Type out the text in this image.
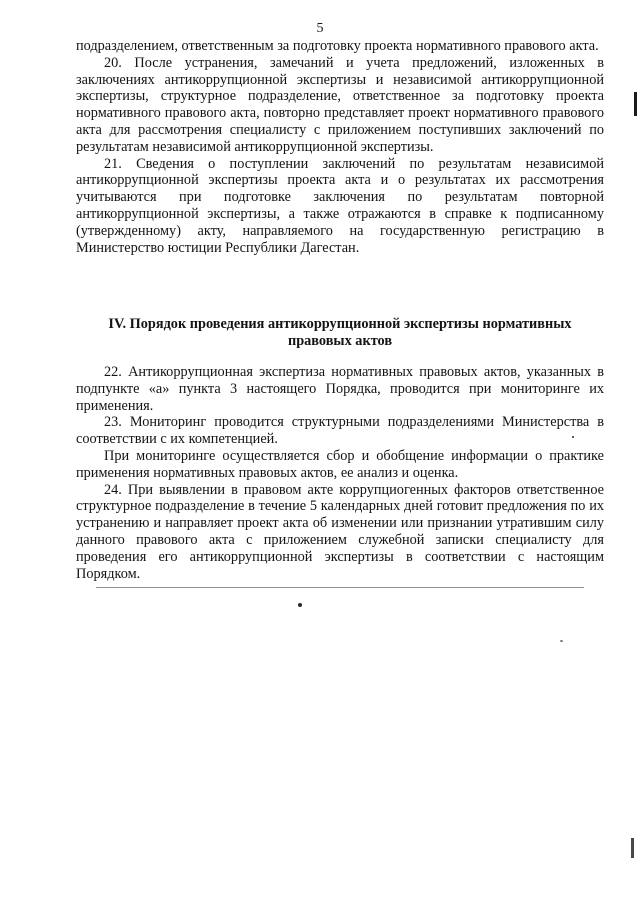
5

подразделением, ответственным за подготовку проекта нормативного правового акта.

20. После устранения, замечаний и учета предложений, изложенных в заключениях антикоррупционной экспертизы и независимой антикоррупционной экспертизы, структурное подразделение, ответственное за подготовку проекта нормативного правового акта, повторно представляет проект нормативного правового акта для рассмотрения специалисту с приложением поступивших заключений по результатам независимой антикоррупционной экспертизы.

21. Сведения о поступлении заключений по результатам независимой антикоррупционной экспертизы проекта акта и о результатах их рассмотрения учитываются при подготовке заключения по результатам повторной антикоррупционной экспертизы, а также отражаются в справке к подписанному (утвержденному) акту, направляемого на государственную регистрацию в Министерство юстиции Республики Дагестан.

IV. Порядок проведения антикоррупционной экспертизы нормативных правовых актов

22. Антикоррупционная экспертиза нормативных правовых актов, указанных в подпункте «а» пункта 3 настоящего Порядка, проводится при мониторинге их применения.

23. Мониторинг проводится структурными подразделениями Министерства в соответствии с их компетенцией.

При мониторинге осуществляется сбор и обобщение информации о практике применения нормативных правовых актов, ее анализ и оценка.

24. При выявлении в правовом акте коррупциогенных факторов ответственное структурное подразделение в течение 5 календарных дней готовит предложения по их устранению и направляет проект акта об изменении или признании утратившим силу данного правового акта с приложением служебной записки специалисту для проведения его антикоррупционной экспертизы в соответствии с настоящим Порядком.
